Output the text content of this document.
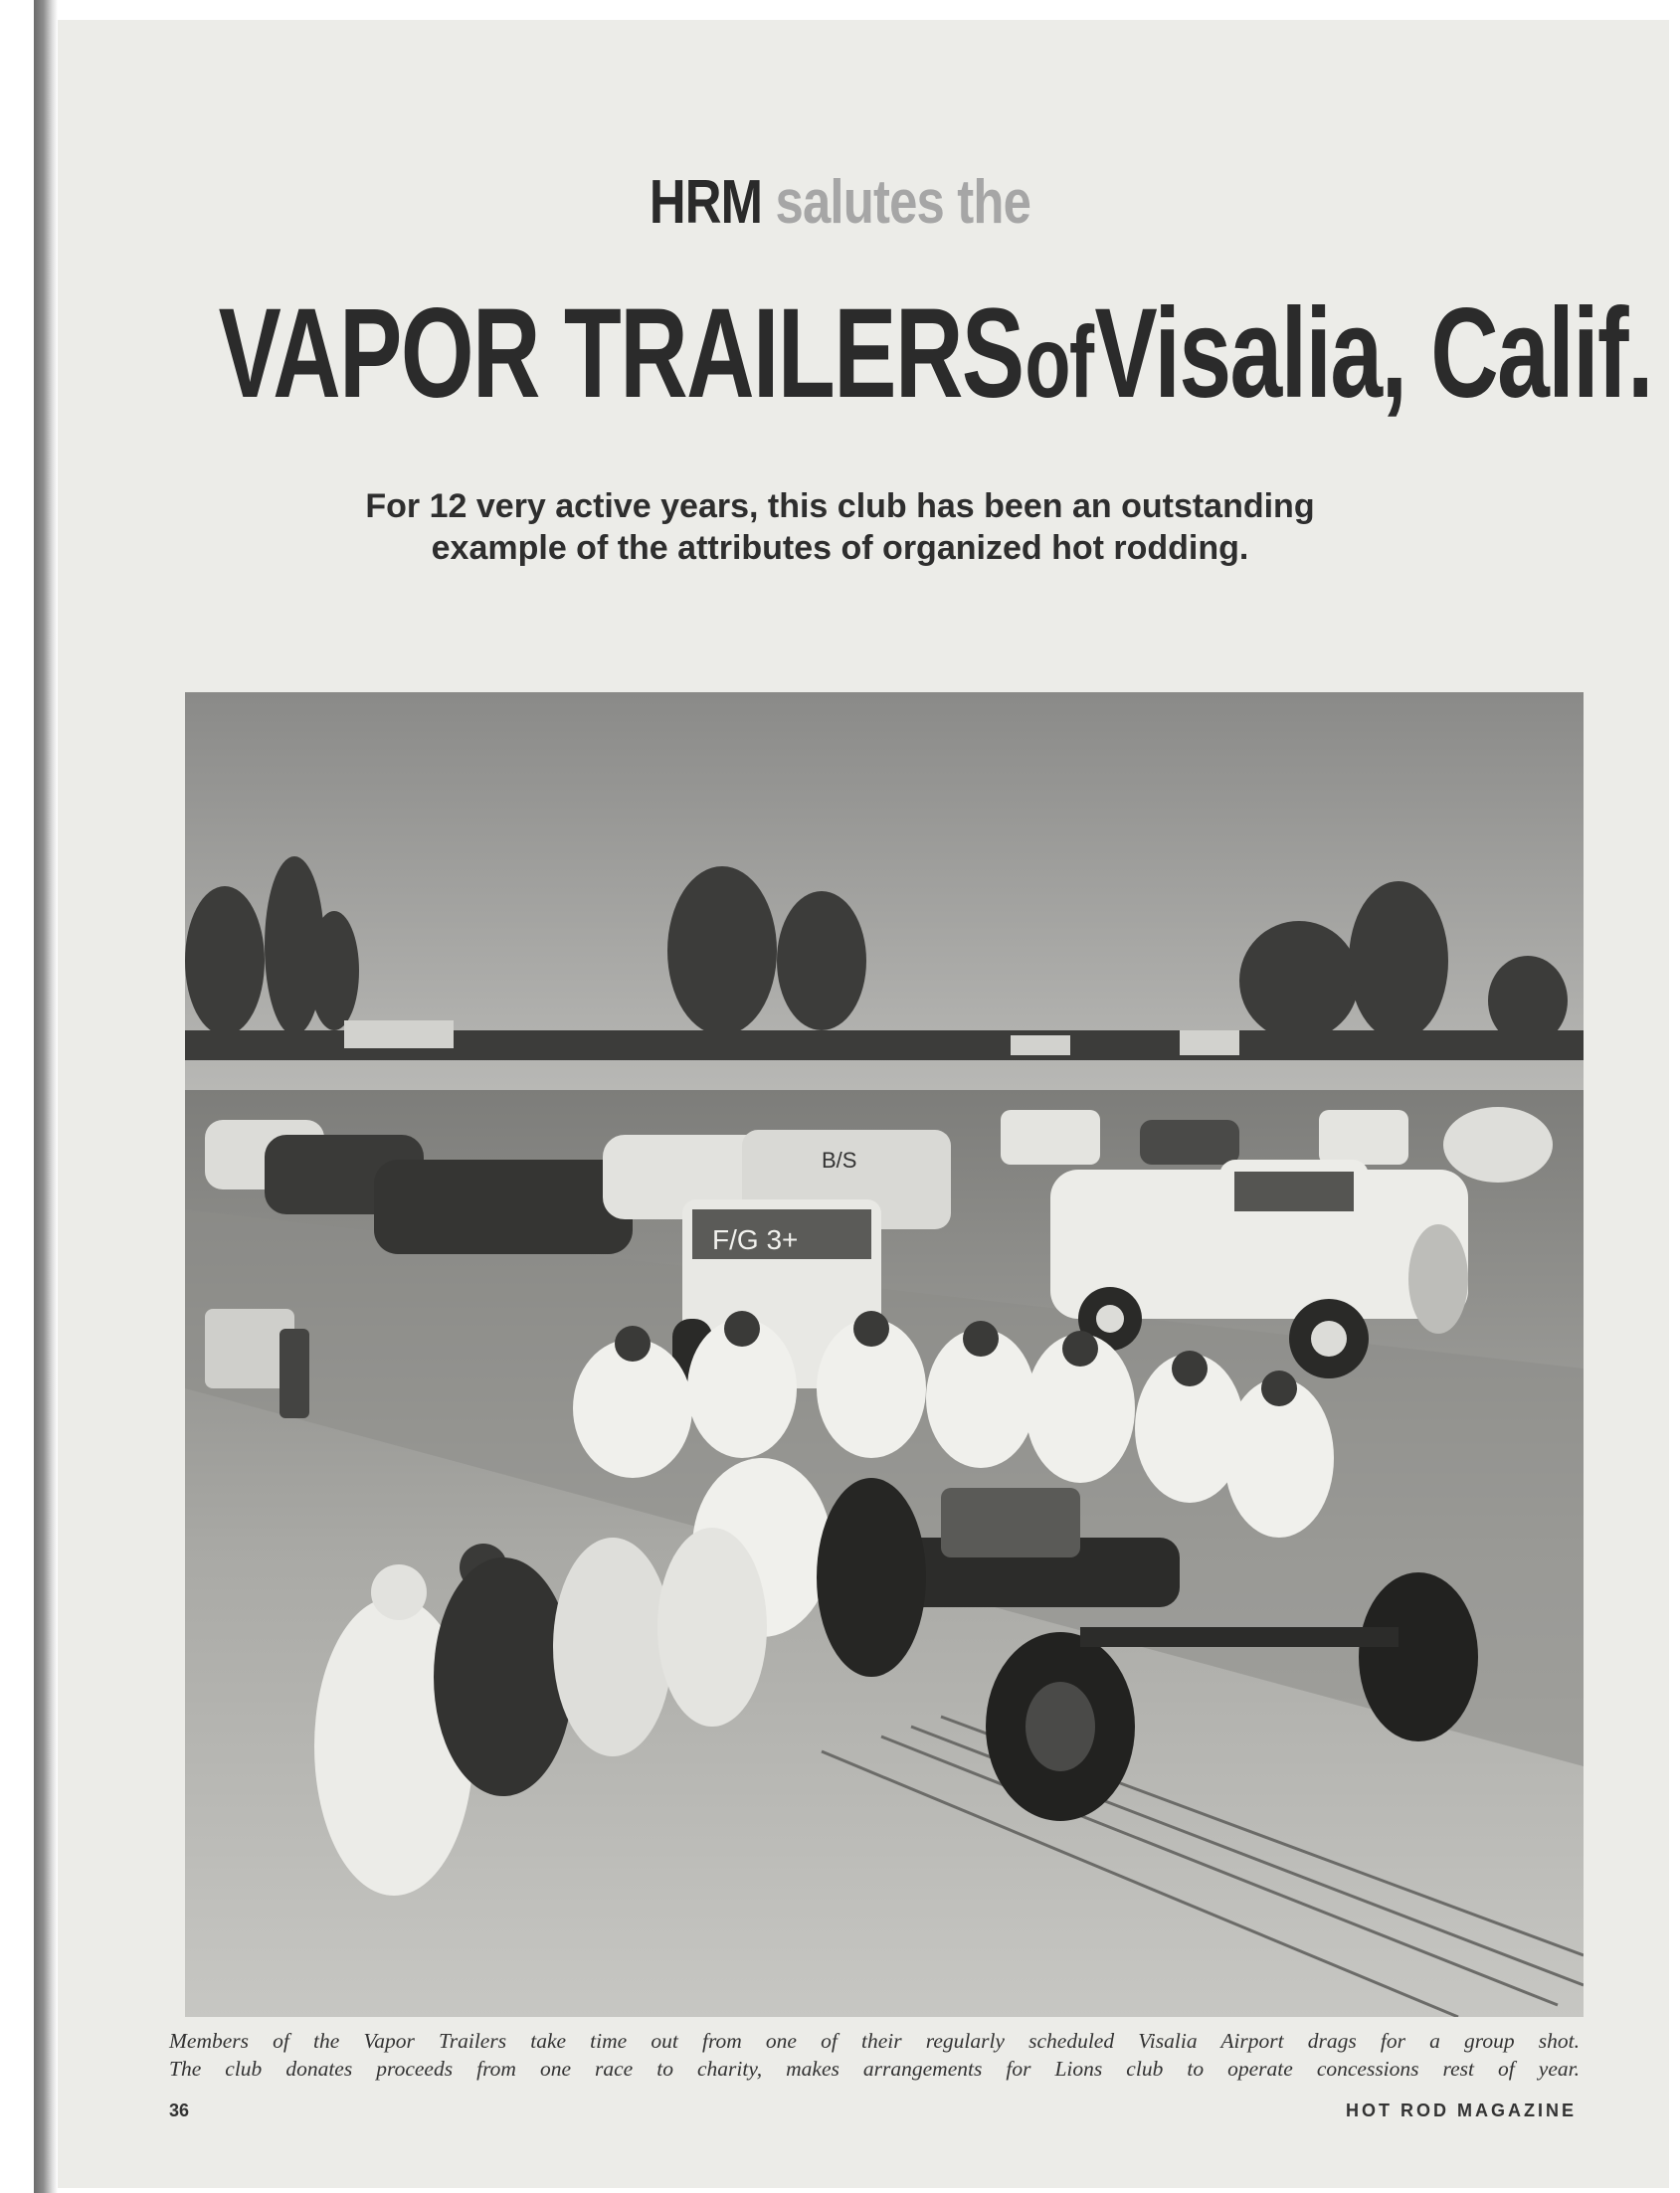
HRM salutes the
VAPOR TRAILERS of Visalia, Calif.
For 12 very active years, this club has been an outstanding
example of the attributes of organized hot rodding.
F/G 3+
B/S
Members of the Vapor Trailers take time out from one of their regularly scheduled Visalia Airport drags for a group shot.
The club donates proceeds from one race to charity, makes arrangements for Lions club to operate concessions rest of year.
36	HOT ROD MAGAZINE
